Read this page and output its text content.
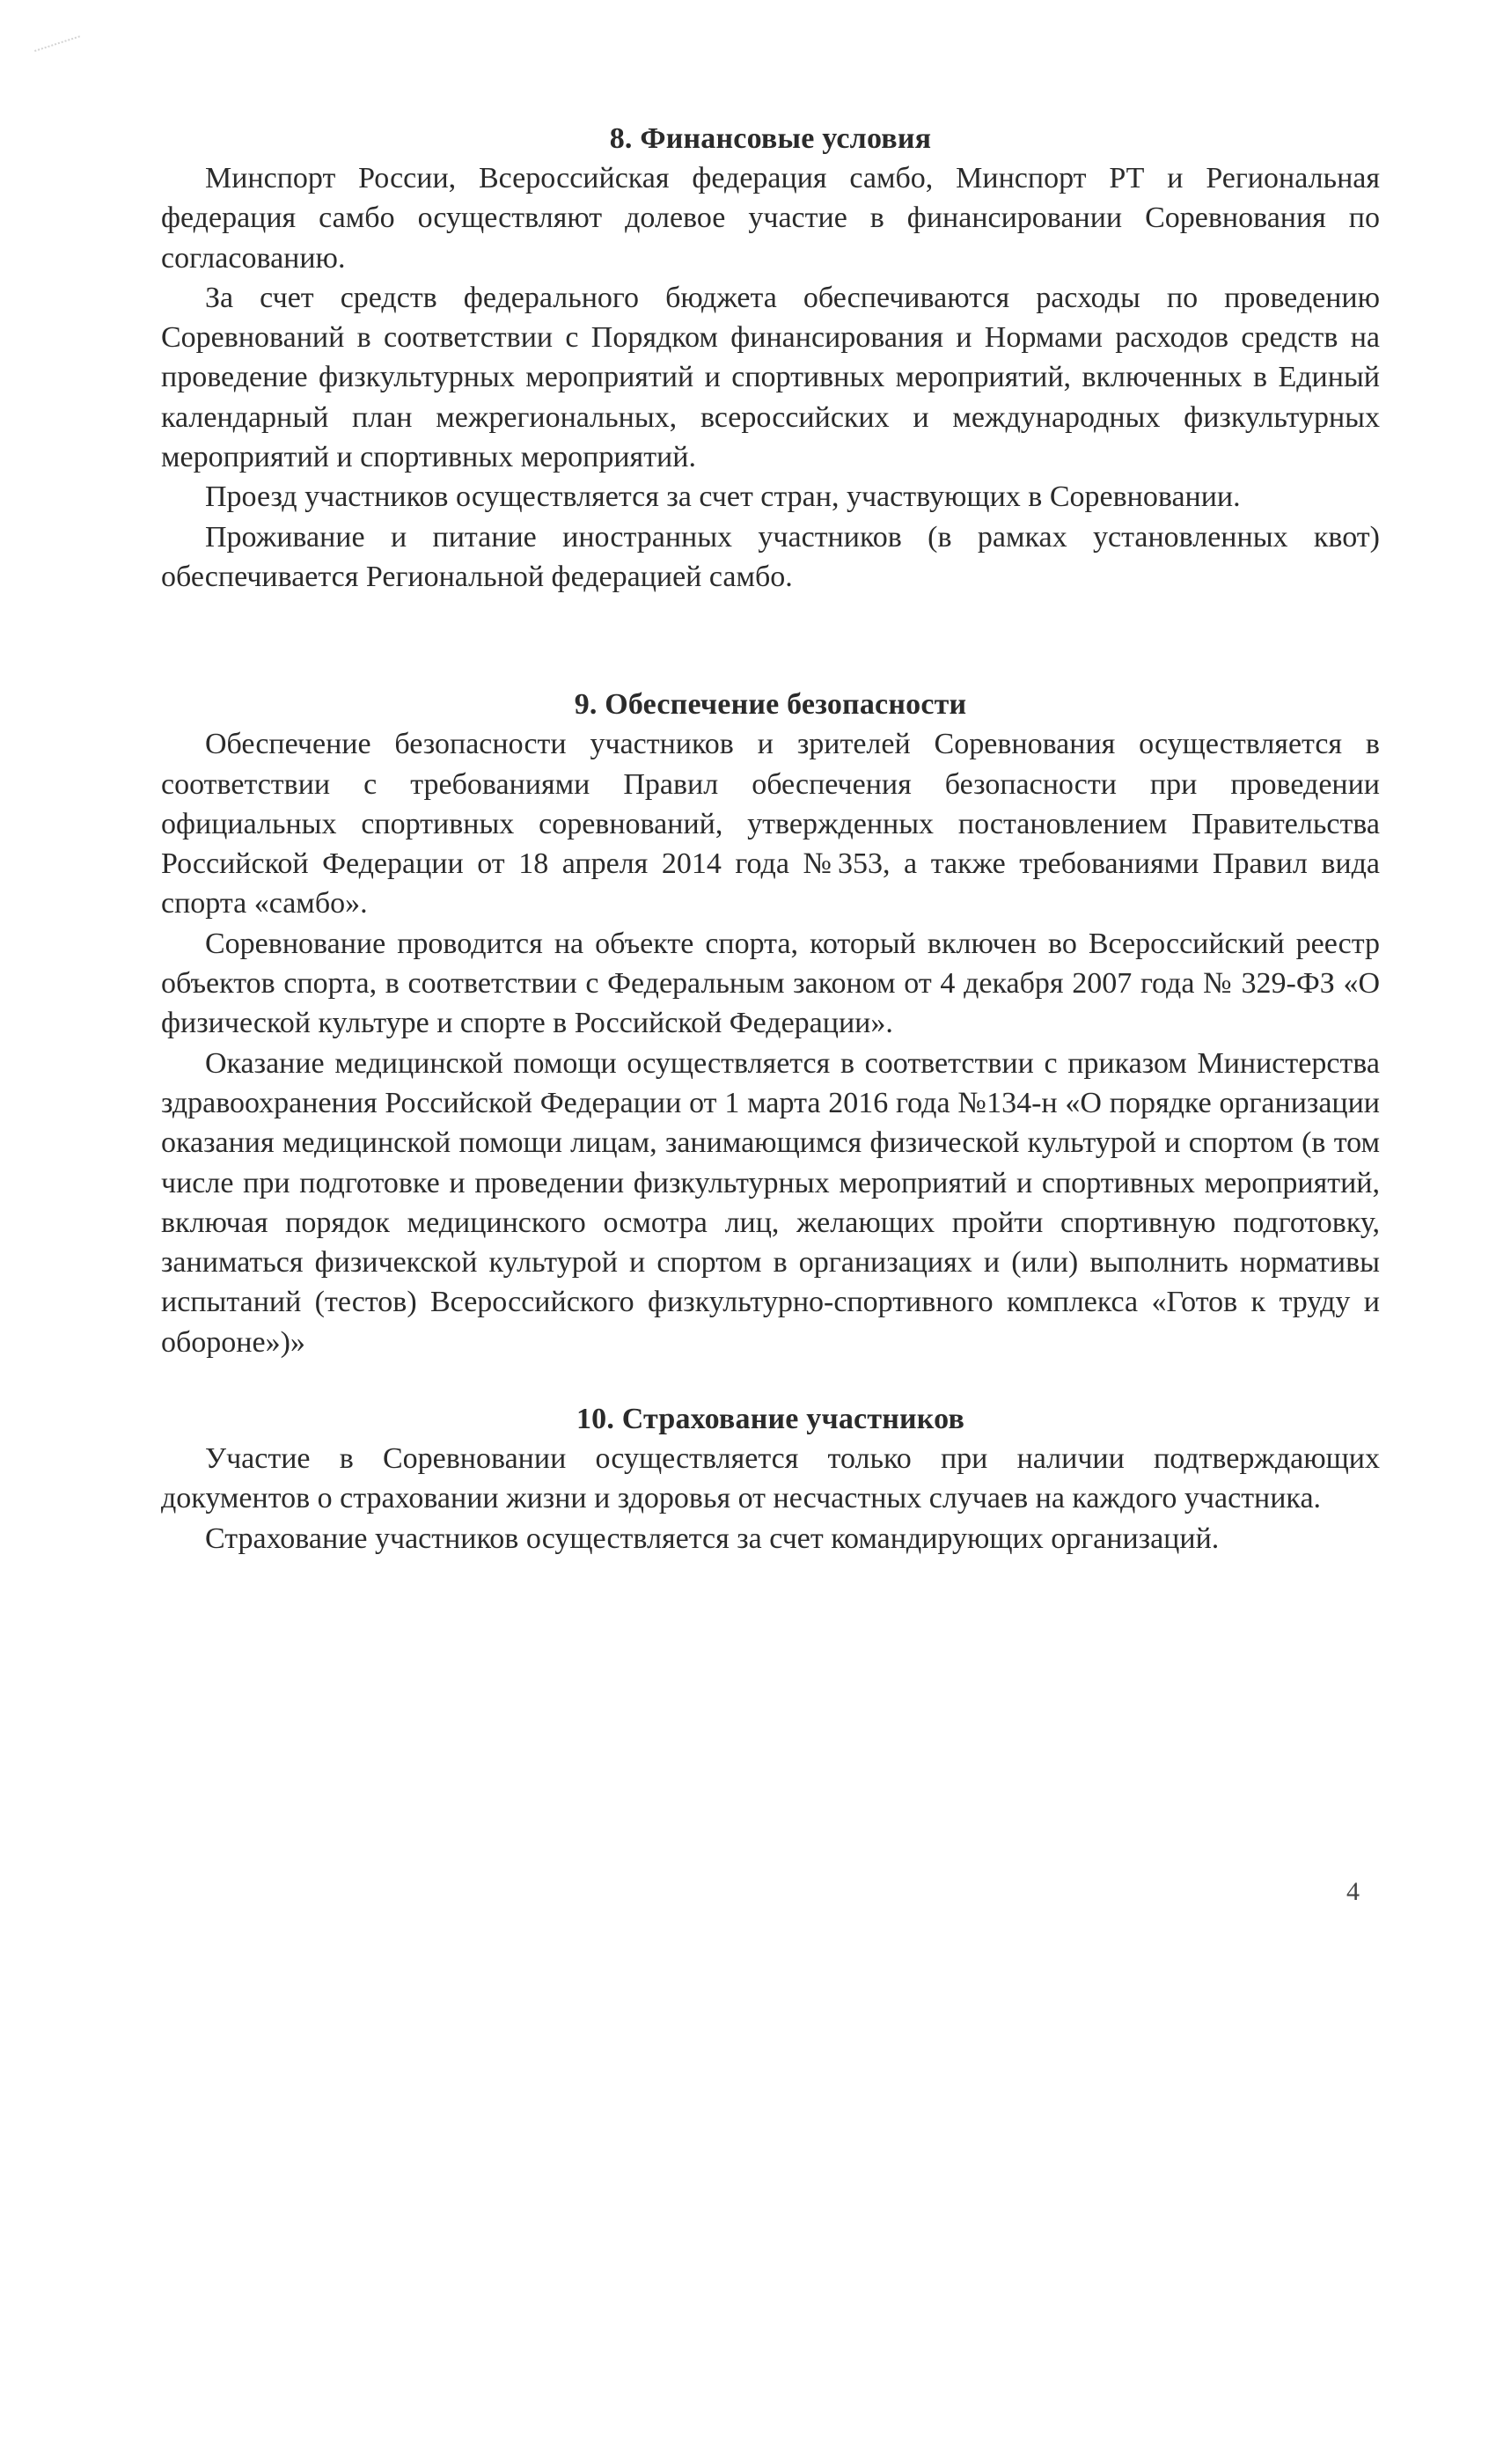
8. Финансовые условия

Минспорт России, Всероссийская федерация самбо, Минспорт РТ и Региональная федерация самбо осуществляют долевое участие в финансировании Соревнования по согласованию.

За счет средств федерального бюджета обеспечиваются расходы по проведению Соревнований в соответствии с Порядком финансирования и Нормами расходов средств на проведение физкультурных мероприятий и спортивных мероприятий, включенных в Единый календарный план межрегиональных, всероссийских и международных физкультурных мероприятий и спортивных мероприятий.

Проезд участников осуществляется за счет стран, участвующих в Соревновании.

Проживание и питание иностранных участников (в рамках установленных квот) обеспечивается Региональной федерацией самбо.

9. Обеспечение безопасности

Обеспечение безопасности участников и зрителей Соревнования осуществляется в соответствии с требованиями Правил обеспечения безопасности при проведении официальных спортивных соревнований, утвержденных постановлением Правительства Российской Федерации от 18 апреля 2014 года №353, а также требованиями Правил вида спорта «самбо».

Соревнование проводится на объекте спорта, который включен во Всероссийский реестр объектов спорта, в соответствии с Федеральным законом от 4 декабря 2007 года № 329-ФЗ «О физической культуре и спорте в Российской Федерации».

Оказание медицинской помощи осуществляется в соответствии с приказом Министерства здравоохранения Российской Федерации от 1 марта 2016 года №134-н «О порядке организации оказания медицинской помощи лицам, занимающимся физической культурой и спортом (в том числе при подготовке и проведении физкультурных мероприятий и спортивных мероприятий, включая порядок медицинского осмотра лиц, желающих пройти спортивную подготовку, заниматься физичекской культурой и спортом в организациях и (или) выполнить нормативы испытаний (тестов) Всероссийского физкультурно-спортивного комплекса «Готов к труду и обороне»)»

10. Страхование участников

Участие в Соревновании осуществляется только при наличии подтверждающих документов о страховании жизни и здоровья от несчастных случаев на каждого участника.

Страхование участников осуществляется за счет командирующих организаций.

4
